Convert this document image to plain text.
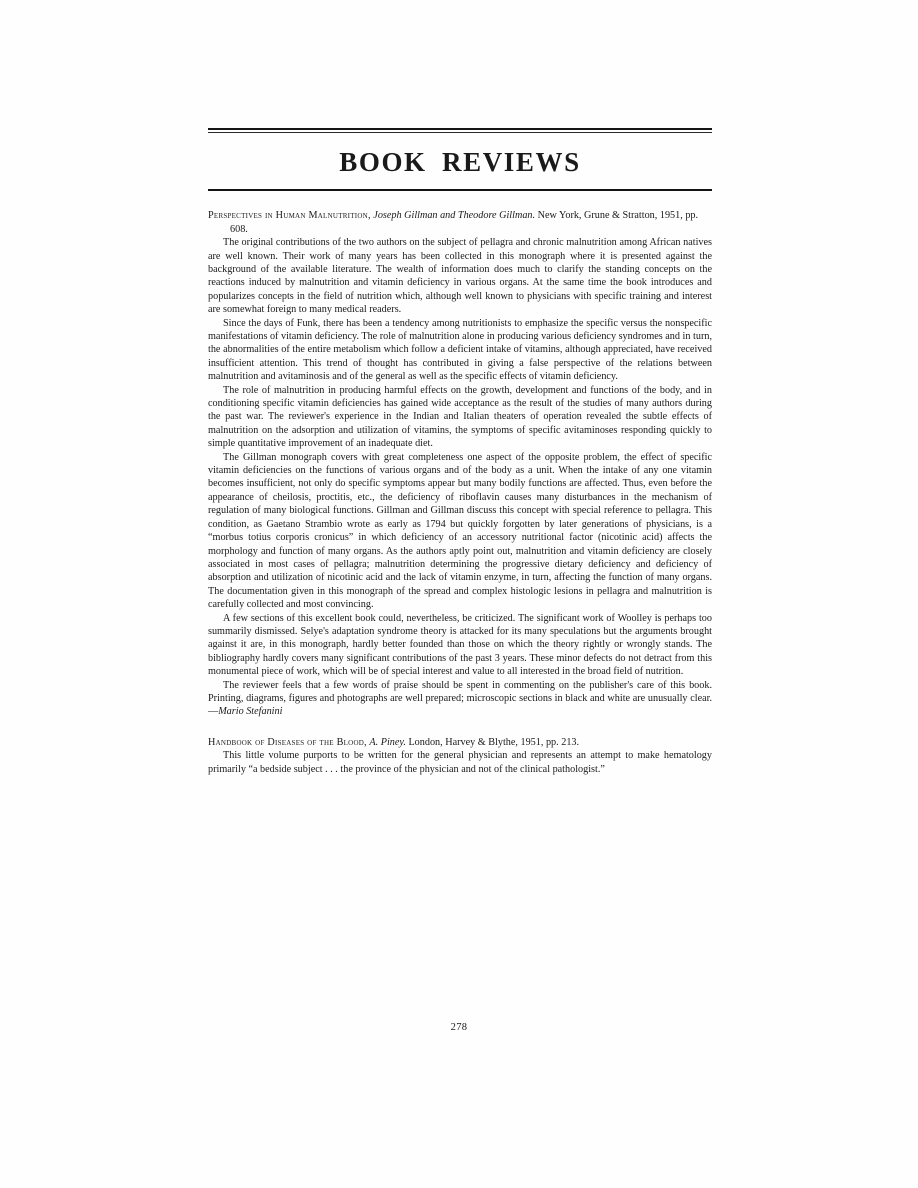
BOOK REVIEWS
Perspectives in Human Malnutrition, Joseph Gillman and Theodore Gillman. New York, Grune & Stratton, 1951, pp. 608.

The original contributions of the two authors on the subject of pellagra and chronic malnutrition among African natives are well known. Their work of many years has been collected in this monograph where it is presented against the background of the available literature. The wealth of information does much to clarify the standing concepts on the reactions induced by malnutrition and vitamin deficiency in various organs. At the same time the book introduces and popularizes concepts in the field of nutrition which, although well known to physicians with specific training and interest are somewhat foreign to many medical readers.

Since the days of Funk, there has been a tendency among nutritionists to emphasize the specific versus the nonspecific manifestations of vitamin deficiency. The role of malnutrition alone in producing various deficiency syndromes and in turn, the abnormalities of the entire metabolism which follow a deficient intake of vitamins, although appreciated, have received insufficient attention. This trend of thought has contributed in giving a false perspective of the relations between malnutrition and avitaminosis and of the general as well as the specific effects of vitamin deficiency.

The role of malnutrition in producing harmful effects on the growth, development and functions of the body, and in conditioning specific vitamin deficiencies has gained wide acceptance as the result of the studies of many authors during the past war. The reviewer's experience in the Indian and Italian theaters of operation revealed the subtle effects of malnutrition on the adsorption and utilization of vitamins, the symptoms of specific avitaminoses responding quickly to simple quantitative improvement of an inadequate diet.

The Gillman monograph covers with great completeness one aspect of the opposite problem, the effect of specific vitamin deficiencies on the functions of various organs and of the body as a unit. When the intake of any one vitamin becomes insufficient, not only do specific symptoms appear but many bodily functions are affected. Thus, even before the appearance of cheilosis, proctitis, etc., the deficiency of riboflavin causes many disturbances in the mechanism of regulation of many biological functions. Gillman and Gillman discuss this concept with special reference to pellagra. This condition, as Gaetano Strambio wrote as early as 1794 but quickly forgotten by later generations of physicians, is a “morbus totius corporis cronicus” in which deficiency of an accessory nutritional factor (nicotinic acid) affects the morphology and function of many organs. As the authors aptly point out, malnutrition and vitamin deficiency are closely associated in most cases of pellagra; malnutrition determining the progressive dietary deficiency and deficiency of absorption and utilization of nicotinic acid and the lack of vitamin enzyme, in turn, affecting the function of many organs. The documentation given in this monograph of the spread and complex histologic lesions in pellagra and malnutrition is carefully collected and most convincing.

A few sections of this excellent book could, nevertheless, be criticized. The significant work of Woolley is perhaps too summarily dismissed. Selye's adaptation syndrome theory is attacked for its many speculations but the arguments brought against it are, in this monograph, hardly better founded than those on which the theory rightly or wrongly stands. The bibliography hardly covers many significant contributions of the past 3 years. These minor defects do not detract from this monumental piece of work, which will be of special interest and value to all interested in the broad field of nutrition.

The reviewer feels that a few words of praise should be spent in commenting on the publisher's care of this book. Printing, diagrams, figures and photographs are well prepared; microscopic sections in black and white are unusually clear.—Mario Stefanini

Handbook of Diseases of the Blood, A. Piney. London, Harvey & Blythe, 1951, pp. 213.

This little volume purports to be written for the general physician and represents an attempt to make hematology primarily “a bedside subject . . . the province of the physician and not of the clinical pathologist.”

278
